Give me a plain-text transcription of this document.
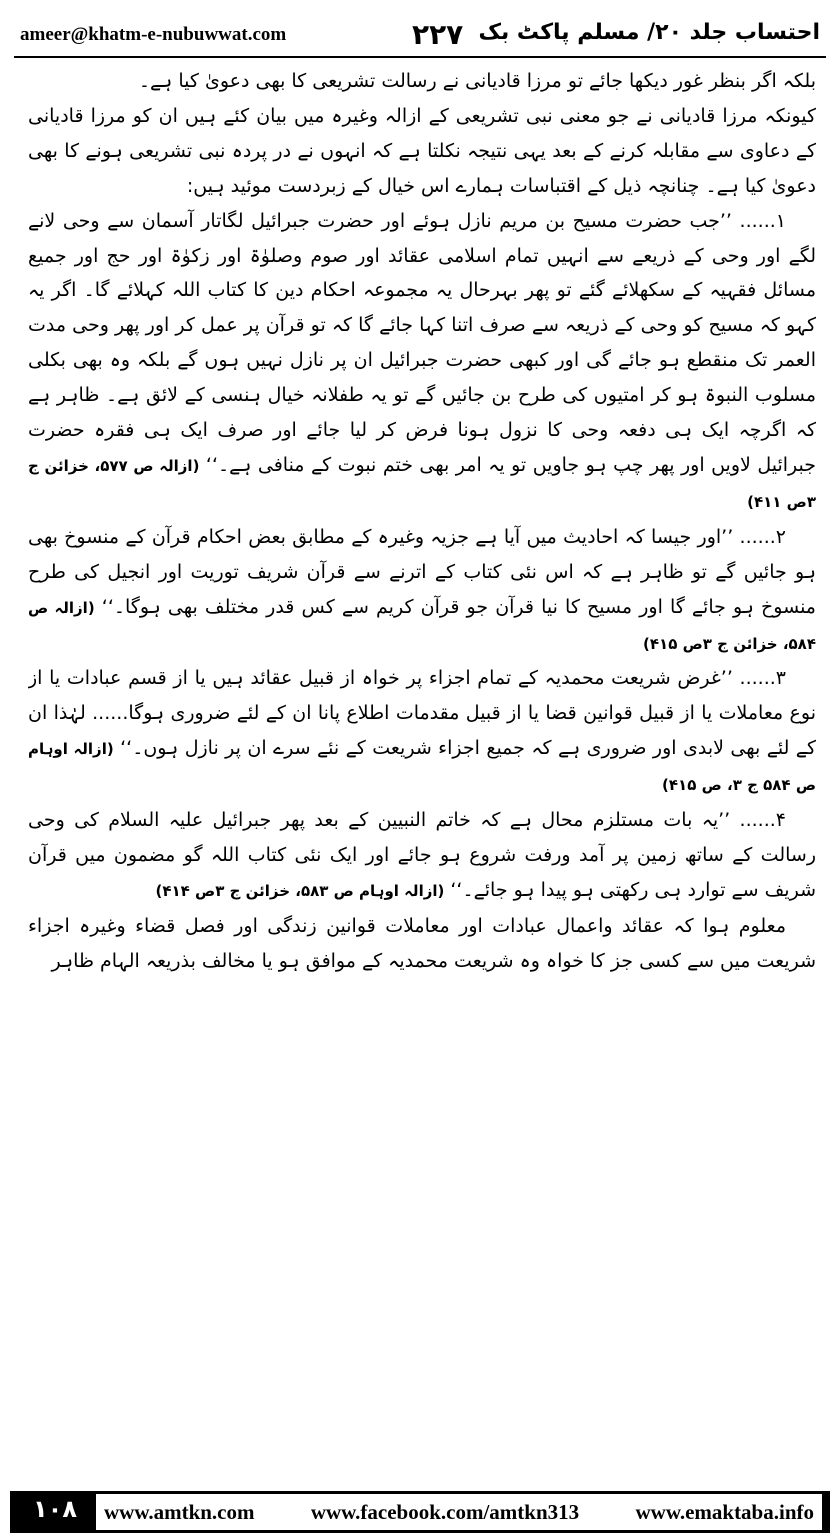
ameer@khatm-e-nubuwwat.com	۲۲۷ احتساب جلد ۲۰/ مسلم پاکٹ بک

بلکہ اگر بنظر غور دیکھا جائے تو مرزا قادیانی نے رسالت تشریعی کا بھی دعویٰ کیا ہے۔

کیونکہ مرزا قادیانی نے جو معنی نبی تشریعی کے ازالہ وغیرہ میں بیان کئے ہیں ان کو مرزا قادیانی کے دعاوی سے مقابلہ کرنے کے بعد یہی نتیجہ نکلتا ہے کہ انہوں نے در پردہ نبی تشریعی ہونے کا بھی دعویٰ کیا ہے۔ چنانچہ ذیل کے اقتباسات ہمارے اس خیال کے زبردست موئید ہیں:

۱...... ’’جب حضرت مسیح بن مریم نازل ہوئے اور حضرت جبرائیل لگاتار آسمان سے وحی لانے لگے اور وحی کے ذریعے سے انہیں تمام اسلامی عقائد اور صوم وصلوٰۃ اور زکوٰۃ اور حج اور جمیع مسائل فقہیہ کے سکھلائے گئے تو پھر بہرحال یہ مجموعہ احکام دین کا کتاب اللہ کہلائے گا۔ اگر یہ کہو کہ مسیح کو وحی کے ذریعہ سے صرف اتنا کہا جائے گا کہ تو قرآن پر عمل کر اور پھر وحی مدت العمر تک منقطع ہو جائے گی اور کبھی حضرت جبرائیل ان پر نازل نہیں ہوں گے بلکہ وہ بھی بکلی مسلوب النبوۃ ہو کر امتیوں کی طرح بن جائیں گے تو یہ طفلانہ خیال ہنسی کے لائق ہے۔ ظاہر ہے کہ اگرچہ ایک ہی دفعہ وحی کا نزول ہونا فرض کر لیا جائے اور صرف ایک ہی فقرہ حضرت جبرائیل لاویں اور پھر چپ ہو جاویں تو یہ امر بھی ختم نبوت کے منافی ہے۔‘‘ (ازالہ ص ۵۷۷، خزائن ج ۳ص ۴۱۱)

۲...... ’’اور جیسا کہ احادیث میں آیا ہے جزیہ وغیرہ کے مطابق بعض احکام قرآن کے منسوخ بھی ہو جائیں گے تو ظاہر ہے کہ اس نئی کتاب کے اترنے سے قرآن شریف توریت اور انجیل کی طرح منسوخ ہو جائے گا اور مسیح کا نیا قرآن جو قرآن کریم سے کس قدر مختلف بھی ہوگا۔‘‘ (ازالہ ص ۵۸۴، خزائن ج ۳ص ۴۱۵)

۳...... ’’غرض شریعت محمدیہ کے تمام اجزاء پر خواہ از قبیل عقائد ہیں یا از قسم عبادات یا از نوع معاملات یا از قبیل قوانین قضا یا از قبیل مقدمات اطلاع پانا ان کے لئے ضروری ہوگا...... لہٰذا ان کے لئے بھی لابدی اور ضروری ہے کہ جمیع اجزاء شریعت کے نئے سرے ان پر نازل ہوں۔‘‘ (ازالہ اوہام ص ۵۸۴ ج ۳، ص ۴۱۵)

۴...... ’’یہ بات مستلزم محال ہے کہ خاتم النبیین کے بعد پھر جبرائیل علیہ السلام کی وحی رسالت کے ساتھ زمین پر آمد ورفت شروع ہو جائے اور ایک نئی کتاب اللہ گو مضمون میں قرآن شریف سے توارد ہی رکھتی ہو پیدا ہو جائے۔‘‘ (ازالہ اوہام ص ۵۸۳، خزائن ج ۳ص ۴۱۴)

معلوم ہوا کہ عقائد واعمال عبادات اور معاملات قوانین زندگی اور فصل قضاء وغیرہ اجزاء شریعت میں سے کسی جز کا خواہ وہ شریعت محمدیہ کے موافق ہو یا مخالف بذریعہ الہام ظاہر

۱۰۸	www.amtkn.com	www.facebook.com/amtkn313	www.emaktaba.info
